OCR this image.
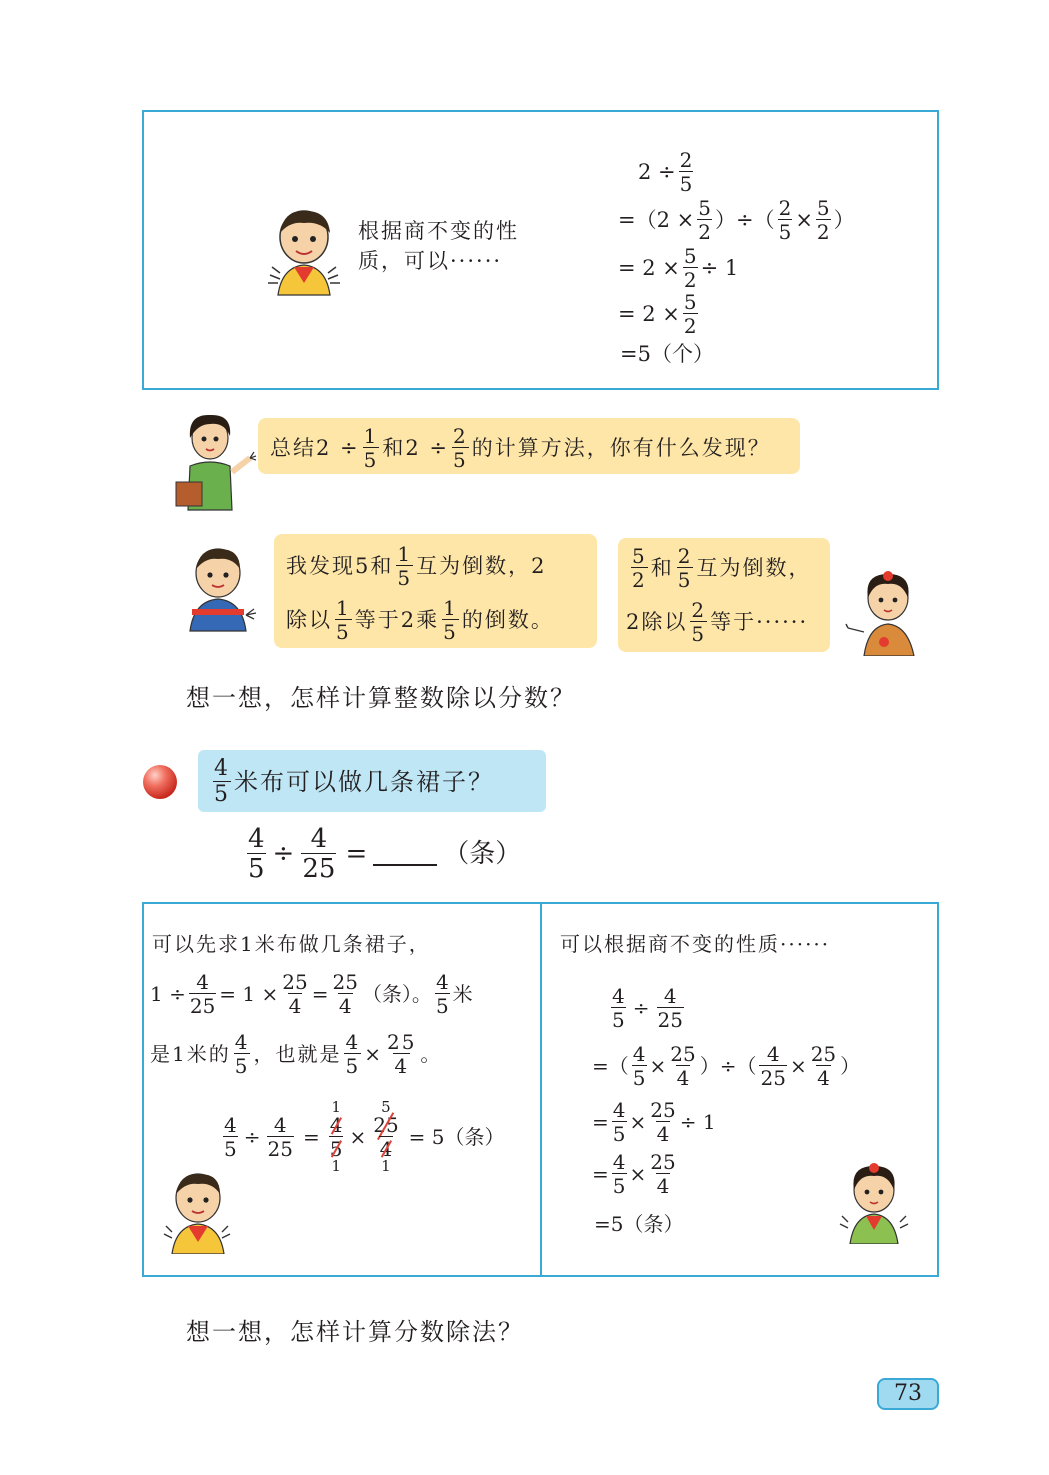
根据商不变的性
质，可以······
$2 \div \frac{2}{5}$
$=(2 \times \frac{5}{2}$ ）÷（ $\frac{2}{5} \times \frac{5}{2}$ ）
= $2 \times \frac{5}{2} \div 1$
= $2 \times \frac{5}{2}$
=5（个）
总结$2 \div \frac{1}{5}$ 和$2 \div \frac{2}{5}$ 的计算方法，你有什么发现？
我发现5和 $\frac{1}{5}$ 互为倒数，2
除以 $\frac{1}{5}$ 等于2乘 $\frac{1}{5}$ 的倒数。
$\frac{5}{2}$ 和 $\frac{2}{5}$ 互为倒数，
2除以 $\frac{2}{5}$ 等于······
想一想，怎样计算整数除以分数？
$\frac{4}{5}$ 米布可以做几条裙子？
$\frac{4}{5} \div \frac{4}{25}$ =	（条）
可以先求1米布做几条裙子，
$1 \div \frac{4}{25} = 1 \times \frac{25}{4} = \frac{25}{4}$ （条）。 $\frac{4}{5}$ 米
是1米的 $\frac{4}{5}$ ，也就是 $\frac{4}{5} \times \frac{25}{4}$ 。
$\frac{4}{5} \div \frac{4}{25}$ =
1
4
5
1
×
5
25
4
1
= 5（条）
可以根据商不变的性质······
$\frac{4}{5} \div \frac{4}{25}$
=（ $\frac{4}{5} \times \frac{25}{4}$ ）÷（ $\frac{4}{25} \times \frac{25}{4}$ ）
= $\frac{4}{5} \times \frac{25}{4} \div 1$
= $\frac{4}{5} \times \frac{25}{4}$
=5（条）
想一想，怎样计算分数除法？
73
